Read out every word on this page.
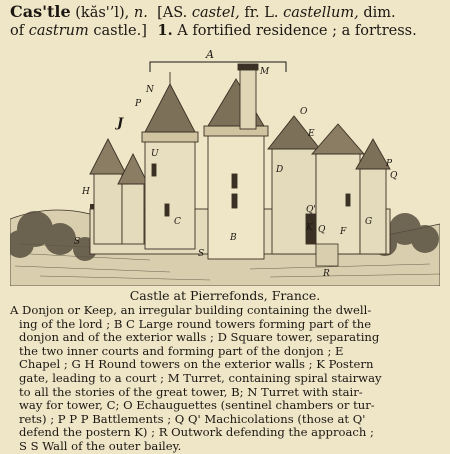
Cas'tle (kăs'’l), n. [AS. castel, fr. L. castellum, dim.
of castrum castle.] 1. A fortified residence ; a fortress.
A
M
N
P
J
U
O
E
H
C
B
D
Q
Q'
K	F
G
S
S
R
P
Q
Castle at Pierrefonds, France.
A Donjon or Keep, an irregular building containing the dwell-
ing of the lord ; B C Large round towers forming part of the
donjon and of the exterior walls ; D Square tower, separating
the two inner courts and forming part of the donjon ; E
Chapel ; G H Round towers on the exterior walls ; K Postern
gate, leading to a court ; M Turret, containing spiral stairway
to all the stories of the great tower, B; N Turret with stair-
way for tower, C; O Echauguettes (sentinel chambers or tur-
rets) ; P P P Battlements ; Q Q' Machicolations (those at Q'
defend the postern K) ; R Outwork defending the approach ;
S S Wall of the outer bailey.
